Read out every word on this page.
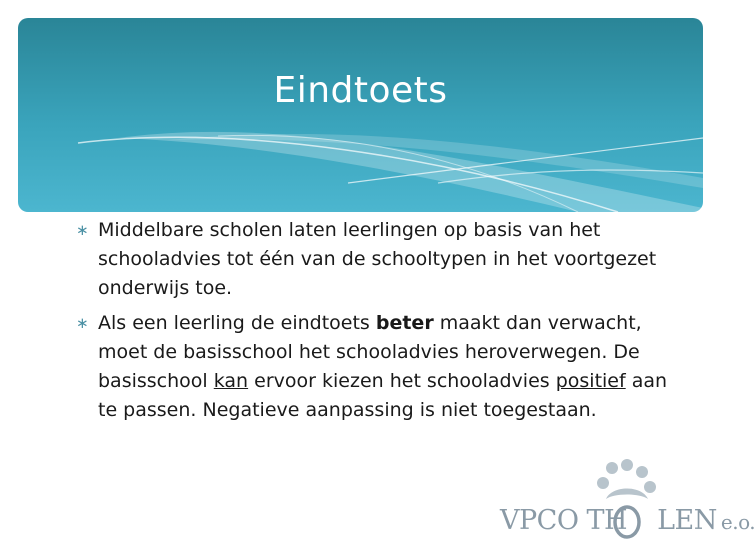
Eindtoets
∗ Middelbare scholen laten leerlingen op basis van het schooladvies tot één van de schooltypen in het voortgezet onderwijs toe.
∗ Als een leerling de eindtoets beter maakt dan verwacht, moet de basisschool het schooladvies heroverwegen. De basisschool kan ervoor kiezen het schooladvies positief aan te passen. Negatieve aanpassing is niet toegestaan.
VPCO TH LEN e.o.
